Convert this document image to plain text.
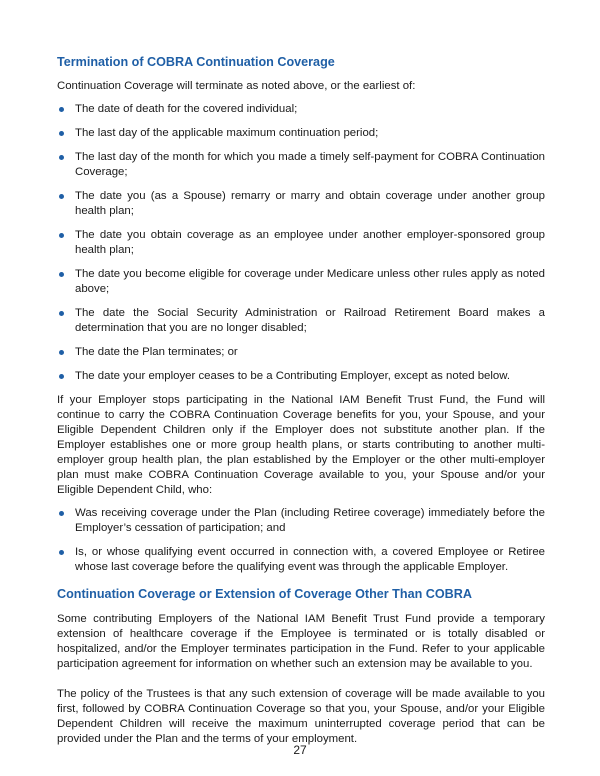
Termination of COBRA Continuation Coverage

Continuation Coverage will terminate as noted above, or the earliest of:

The date of death for the covered individual;
The last day of the applicable maximum continuation period;
The last day of the month for which you made a timely self-payment for COBRA Continuation Coverage;
The date you (as a Spouse) remarry or marry and obtain coverage under another group health plan;
The date you obtain coverage as an employee under another employer-sponsored group health plan;
The date you become eligible for coverage under Medicare unless other rules apply as noted above;
The date the Social Security Administration or Railroad Retirement Board makes a determination that you are no longer disabled;
The date the Plan terminates; or
The date your employer ceases to be a Contributing Employer, except as noted below.

If your Employer stops participating in the National IAM Benefit Trust Fund, the Fund will continue to carry the COBRA Continuation Coverage benefits for you, your Spouse, and your Eligible Dependent Children only if the Employer does not substitute another plan. If the Employer establishes one or more group health plans, or starts contributing to another multi-employer group health plan, the plan established by the Employer or the other multi-employer plan must make COBRA Continuation Coverage available to you, your Spouse and/or your Eligible Dependent Child, who:

Was receiving coverage under the Plan (including Retiree coverage) immediately before the Employer’s cessation of participation; and
Is, or whose qualifying event occurred in connection with, a covered Employee or Retiree whose last coverage before the qualifying event was through the applicable Employer.
Continuation Coverage or Extension of Coverage Other Than COBRA

Some contributing Employers of the National IAM Benefit Trust Fund provide a temporary extension of healthcare coverage if the Employee is terminated or is totally disabled or hospitalized, and/or the Employer terminates participation in the Fund. Refer to your applicable participation agreement for information on whether such an extension may be available to you.

The policy of the Trustees is that any such extension of coverage will be made available to you first, followed by COBRA Continuation Coverage so that you, your Spouse, and/or your Eligible Dependent Children will receive the maximum uninterrupted coverage period that can be provided under the Plan and the terms of your employment.

27
